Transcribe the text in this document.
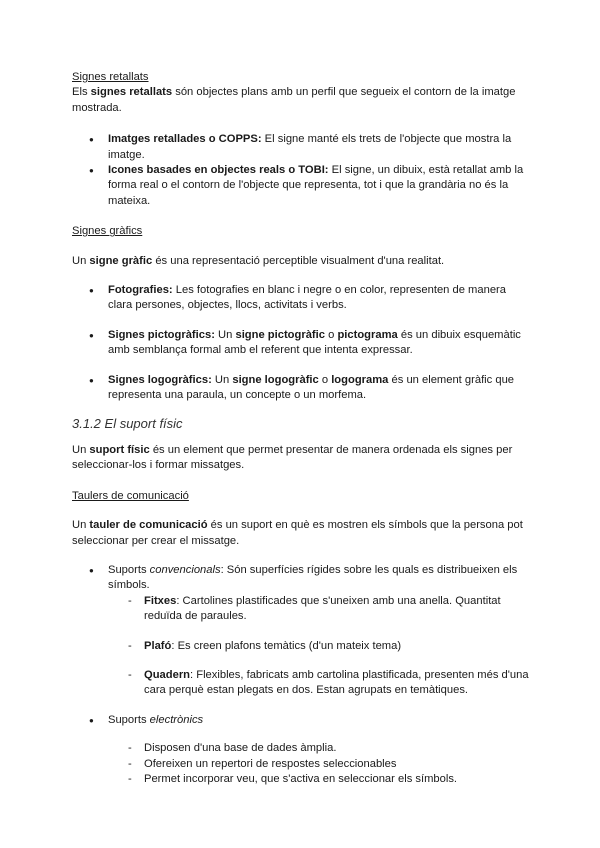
Signes retallats

Els signes retallats són objectes plans amb un perfil que segueix el contorn de la imatge mostrada.

● Imatges retallades o COPPS: El signe manté els trets de l'objecte que mostra la imatge.
● Icones basades en objectes reals o TOBI: El signe, un dibuix, està retallat amb la forma real o el contorn de l'objecte que representa, tot i que la grandària no és la mateixa.
Signes gràfics

Un signe gràfic és una representació perceptible visualment d'una realitat.

● Fotografies: Les fotografies en blanc i negre o en color, representen de manera clara persones, objectes, llocs, activitats i verbs.
● Signes pictogràfics: Un signe pictogràfic o pictograma és un dibuix esquemàtic amb semblança formal amb el referent que intenta expressar.
● Signes logogràfics: Un signe logogràfic o logograma és un element gràfic que representa una paraula, un concepte o un morfema.
3.1.2 El suport físic

Un suport físic és un element que permet presentar de manera ordenada els signes per seleccionar-los i formar missatges.

Taulers de comunicació

Un tauler de comunicació és un suport en què es mostren els símbols que la persona pot seleccionar per crear el missatge.

● Suports convencionals: Són superfícies rígides sobre les quals es distribueixen els símbols.
- Fitxes: Cartolines plastificades que s'uneixen amb una anella. Quantitat reduïda de paraules.
- Plafó: Es creen plafons temàtics (d'un mateix tema)
- Quadern: Flexibles, fabricats amb cartolina plastificada, presenten més d'una cara perquè estan plegats en dos. Estan agrupats en temàtiques.
● Suports electrònics
- Disposen d'una base de dades àmplia.
- Ofereixen un repertori de respostes seleccionables
- Permet incorporar veu, que s'activa en seleccionar els símbols.
